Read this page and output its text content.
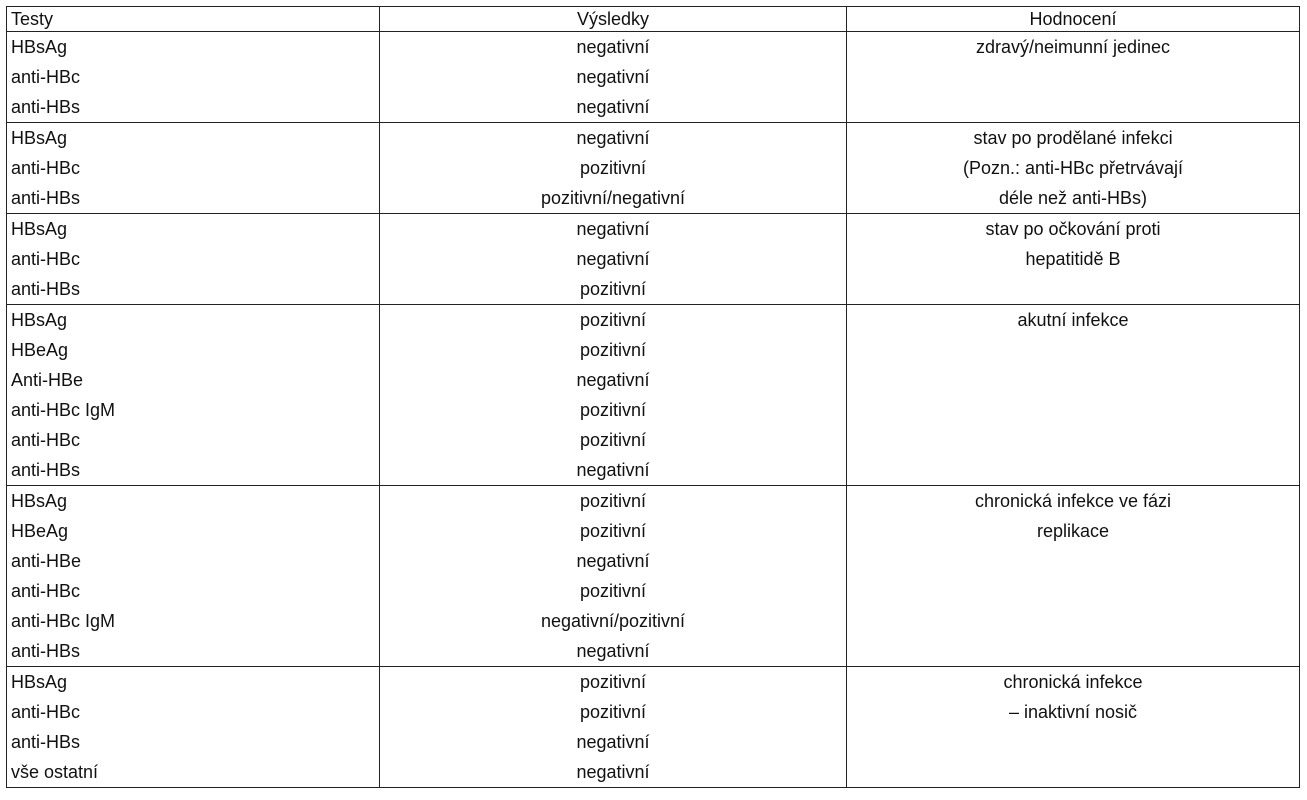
Testy	Výsledky	Hodnocení
HBsAg	negativní	zdravý/neimunní jedinec
anti-HBc	negativní	
anti-HBs	negativní	
HBsAg	negativní	stav po prodělané infekci
anti-HBc	pozitivní	(Pozn.: anti-HBc přetrvávají
anti-HBs	pozitivní/negativní	déle než anti-HBs)
HBsAg	negativní	stav po očkování proti
anti-HBc	negativní	hepatitidě B
anti-HBs	pozitivní	
HBsAg	pozitivní	akutní infekce
HBeAg	pozitivní	
Anti-HBe	negativní	
anti-HBc IgM	pozitivní	
anti-HBc	pozitivní	
anti-HBs	negativní	
HBsAg	pozitivní	chronická infekce ve fázi
HBeAg	pozitivní	replikace
anti-HBe	negativní	
anti-HBc	pozitivní	
anti-HBc IgM	negativní/pozitivní	
anti-HBs	negativní	
HBsAg	pozitivní	chronická infekce
anti-HBc	pozitivní	– inaktivní nosič
anti-HBs	negativní	
vše ostatní	negativní	
